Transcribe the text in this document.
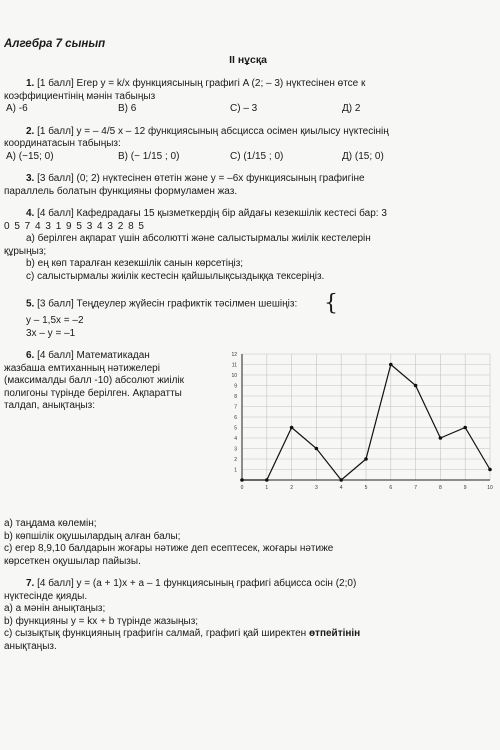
Алгебра 7 сынып
ІІ нұсқа

1. [1 балл] Егер y = k/x функциясының графигі A (2; – 3) нүктесінен өтсе к

коэффициентінің мәнін табыңыз

A) -6	B) 6	C) – 3	Д) 2

2. [1 балл] y = – 4/5 x – 12 функциясының абсцисса осімен қиылысу нүктесінің

координатасын табыңыз:

A) (−15; 0)	B) (− 1/15 ; 0)	C) (1/15 ; 0)	Д) (15; 0)

3. [3 балл] (0; 2) нүктесінен өтетін және y = –6x функциясының графигіне

параллель болатын функцияны формуламен жаз.

4. [4 балл] Кафедрадағы 15 қызметкердің бір айдағы кезекшілік кестесі бар: 3

0 5 7 4 3 1 9 5 3 4 3 2 8 5

a) берілген ақпарат үшін абсолютті және салыстырмалы жиілік кестелерін

құрыңыз;

b) ең көп таралған кезекшілік санын көрсетіңіз;

c) салыстырмалы жиілік кестесін қайшылықсыздыққа тексеріңіз.

5. [3 балл] Теңдеулер жүйесін графиктік тәсілмен шешіңіз: {

y – 1,5x = –2
3x – y = –1

6. [4 балл] Математикадан

жазбаша емтиханның нәтижелері

(максималды балл -10) абсолют жиілік

полигоны түрінде берілген. Ақпаратты

талдап, анықтаңыз:

1
2
3
4
5
6
7
8
9
10
11
12
0	1	2	3	4	5	6	7	8	9	10

a) таңдама көлемін;

b) көпшілік оқушылардың алған балы;

c) егер 8,9,10 балдарын жоғары нәтиже деп есептесек, жоғары нәтиже

көрсеткен оқушылар пайызы.

7. [4 балл] y = (a + 1)x + a – 1 функциясының графигі абцисса осін (2;0)

нүктесінде қияды.

a) a мәнін анықтаңыз;

b) функцияны y = kx + b түрінде жазыңыз;

c) сызықтық функцияның графигін салмай, графигі қай ширектен өтпейтінін

анықтаңыз.
